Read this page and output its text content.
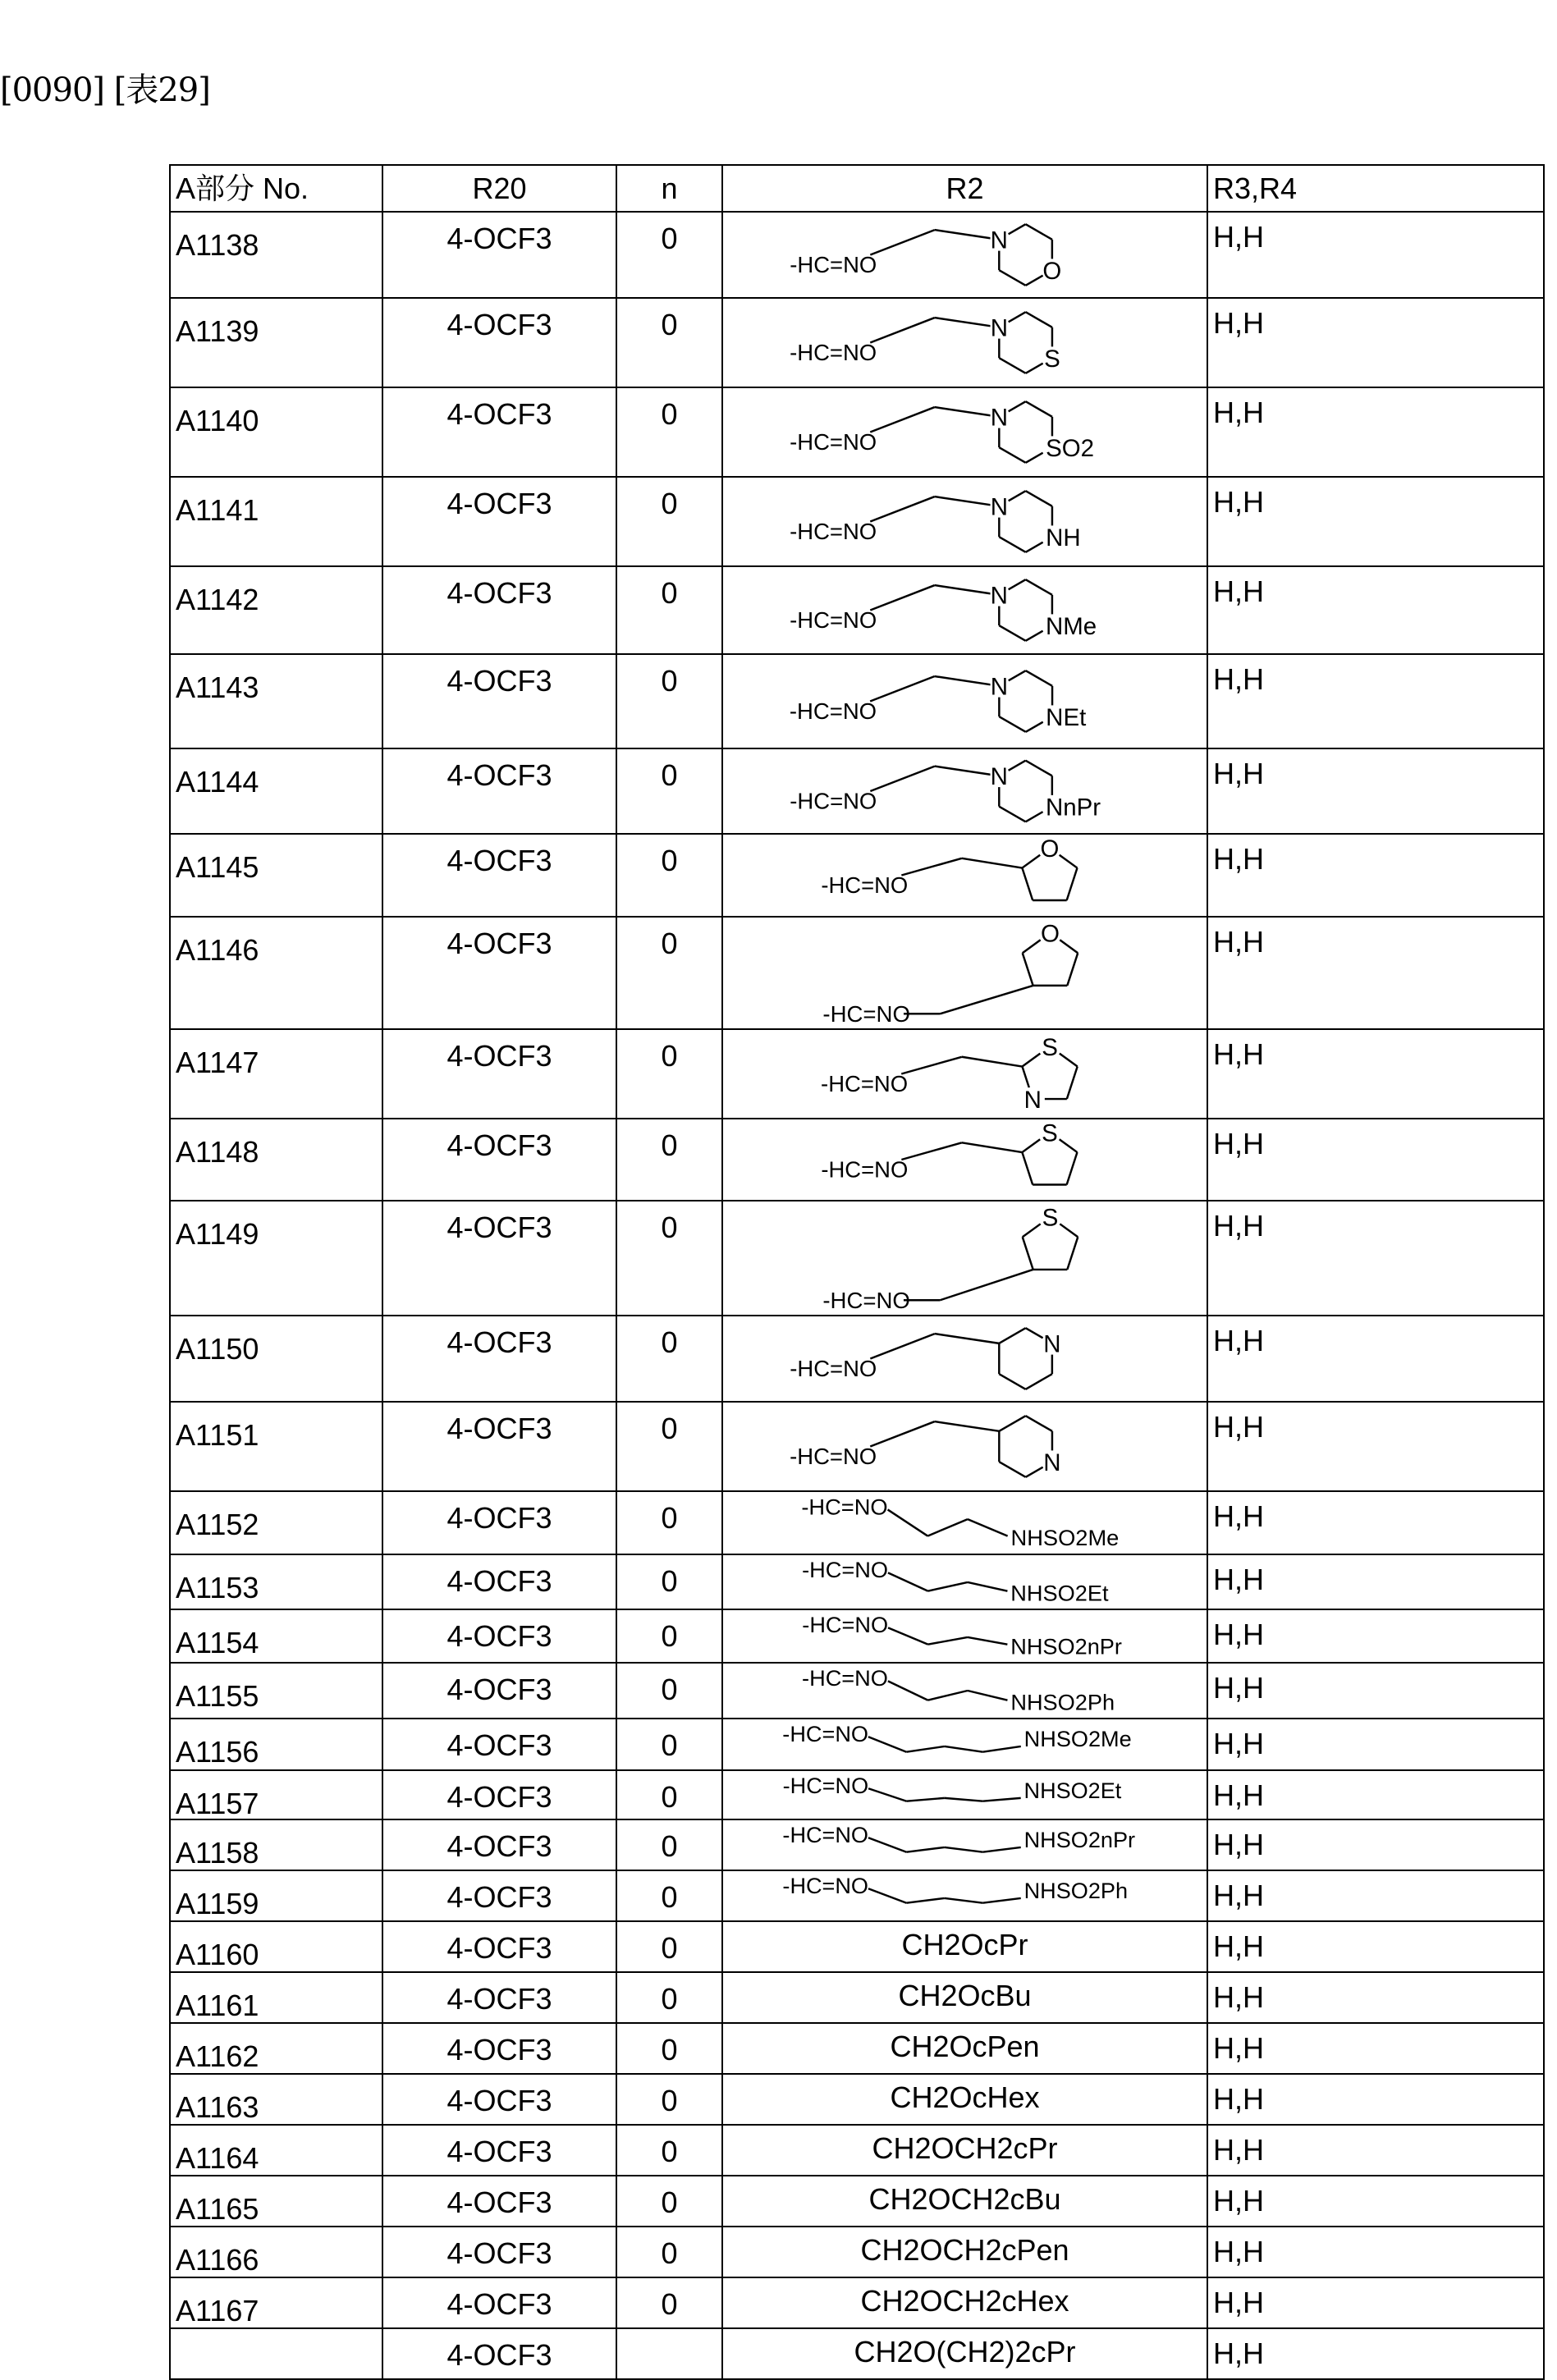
[0090] [表29]
A部分 No.	R20	n	R2	R3,R4
A1138	4-OCF3	0	
-HC=NO
N
O
	H,H
A1139	4-OCF3	0	
-HC=NO
N
S
	H,H
A1140	4-OCF3	0	
-HC=NO
N
SO2
	H,H
A1141	4-OCF3	0	
-HC=NO
N
NH
	H,H
A1142	4-OCF3	0	
-HC=NO
N
NMe
	H,H
A1143	4-OCF3	0	
-HC=NO
N
NEt
	H,H
A1144	4-OCF3	0	
-HC=NO
N
NnPr
	H,H
A1145	4-OCF3	0	
-HC=NO
O	H,H
A1146	4-OCF3	0	
-HC=NO
O	H,H
A1147	4-OCF3	0	
-HC=NO
S
N
	H,H
A1148	4-OCF3	0	
-HC=NO
S	H,H
A1149	4-OCF3	0	
-HC=NO
S	H,H
A1150	4-OCF3	0	
-HC=NO
N	H,H
A1151	4-OCF3	0	
-HC=NO	N
	H,H
A1152	4-OCF3	0	-HC=NO
NHSO2Me
	H,H
A1153	4-OCF3	0	-HC=NO
NHSO2Et	H,H
A1154	4-OCF3	0	-HC=NO
NHSO2nPr	H,H
A1155	4-OCF3	0	-HC=NO
NHSO2Ph	H,H
A1156	4-OCF3	0	-HC=NO	NHSO2Me	H,H
A1157	4-OCF3	0	-HC=NO	NHSO2Et	H,H
A1158	4-OCF3	0	-HC=NO	NHSO2nPr	H,H
A1159	4-OCF3	0	-HC=NO	NHSO2Ph	H,H
A1160	4-OCF3	0	CH2OcPr	H,H
A1161	4-OCF3	0	CH2OcBu	H,H
A1162	4-OCF3	0	CH2OcPen	H,H
A1163	4-OCF3	0	CH2OcHex	H,H
A1164	4-OCF3	0	CH2OCH2cPr	H,H
A1165	4-OCF3	0	CH2OCH2cBu	H,H
A1166	4-OCF3	0	CH2OCH2cPen	H,H
A1167	4-OCF3	0	CH2OCH2cHex	H,H
	4-OCF3		CH2O(CH2)2cPr	H,H
